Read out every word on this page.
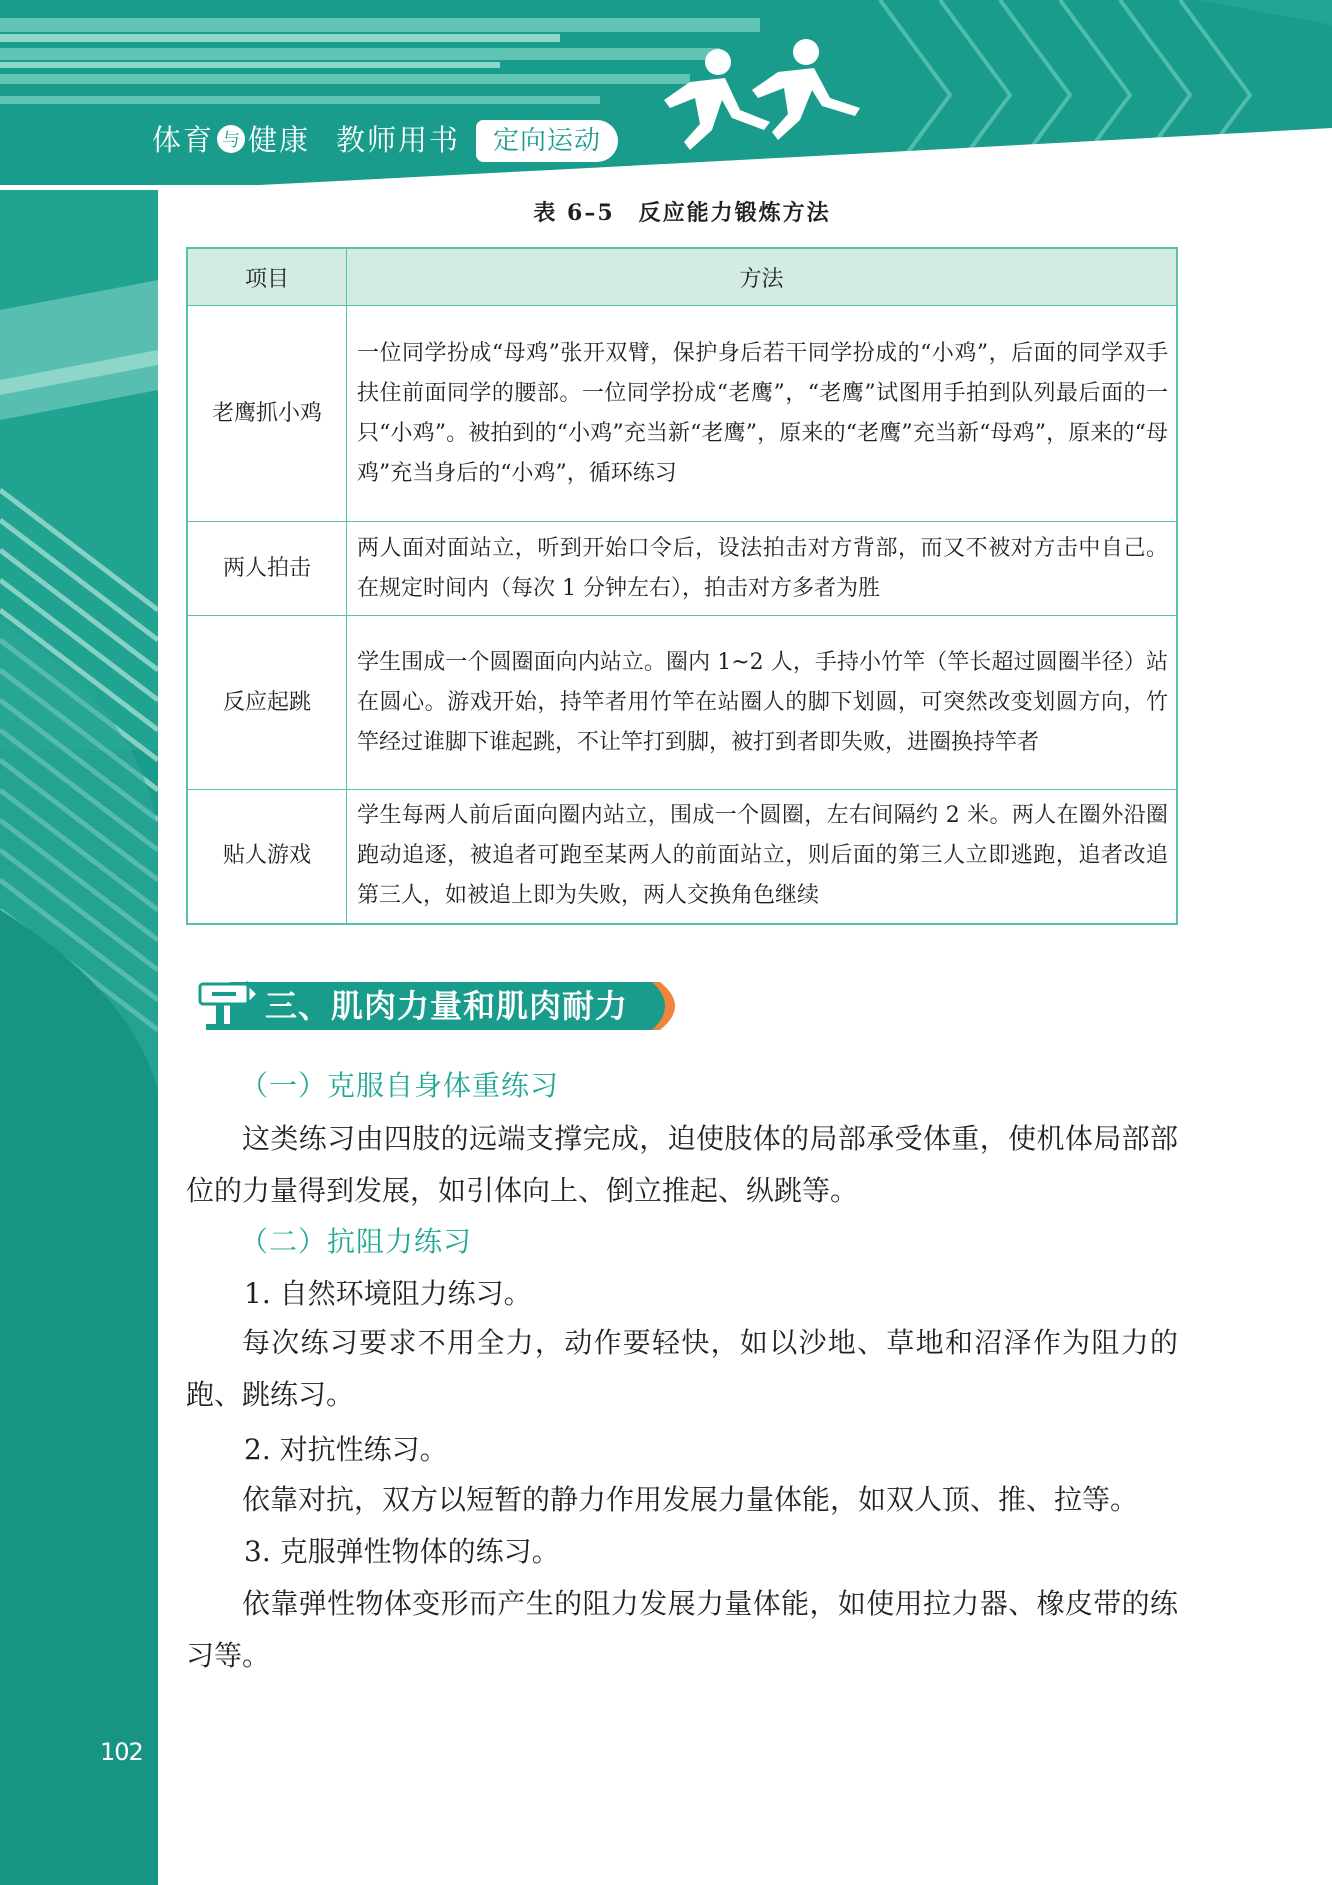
体育 与 健康 教师用书	定向运动
102
表 6–5　反应能力锻炼方法
项目	方法
老鹰抓小鸡	一位同学扮成“母鸡”张开双臂，保护身后若干同学扮成的“小鸡”，后面的同学双手扶住前面同学的腰部。一位同学扮成“老鹰”，“老鹰”试图用手拍到队列最后面的一只“小鸡”。被拍到的“小鸡”充当新“老鹰”，原来的“老鹰”充当新“母鸡”，原来的“母鸡”充当身后的“小鸡”，循环练习
两人拍击	两人面对面站立，听到开始口令后，设法拍击对方背部，而又不被对方击中自己。在规定时间内（每次 1 分钟左右），拍击对方多者为胜
反应起跳	学生围成一个圆圈面向内站立。圈内 1~2 人，手持小竹竿（竿长超过圆圈半径）站在圆心。游戏开始，持竿者用竹竿在站圈人的脚下划圆，可突然改变划圆方向，竹竿经过谁脚下谁起跳，不让竿打到脚，被打到者即失败，进圈换持竿者
贴人游戏	学生每两人前后面向圈内站立，围成一个圆圈，左右间隔约 2 米。两人在圈外沿圈跑动追逐，被追者可跑至某两人的前面站立，则后面的第三人立即逃跑，追者改追第三人，如被追上即为失败，两人交换角色继续
三、肌肉力量和肌肉耐力
（一）克服自身体重练习
这类练习由四肢的远端支撑完成，迫使肢体的局部承受体重，使机体局部部位的力量得到发展，如引体向上、倒立推起、纵跳等。
（二）抗阻力练习
1. 自然环境阻力练习。
每次练习要求不用全力，动作要轻快，如以沙地、草地和沼泽作为阻力的跑、跳练习。
2. 对抗性练习。
依靠对抗，双方以短暂的静力作用发展力量体能，如双人顶、推、拉等。
3. 克服弹性物体的练习。
依靠弹性物体变形而产生的阻力发展力量体能，如使用拉力器、橡皮带的练习等。
